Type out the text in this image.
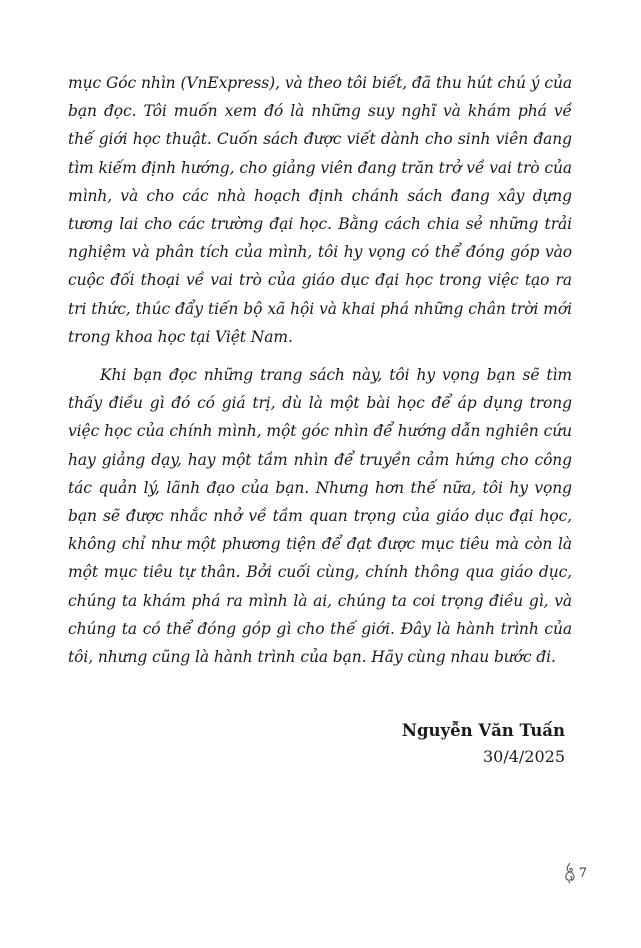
mục Góc nhìn (VnExpress), và theo tôi biết, đã thu hút chú ý của bạn đọc. Tôi muốn xem đó là những suy nghĩ và khám phá về thế giới học thuật. Cuốn sách được viết dành cho sinh viên đang tìm kiếm định hướng, cho giảng viên đang trăn trở về vai trò của mình, và cho các nhà hoạch định chánh sách đang xây dựng tương lai cho các trường đại học. Bằng cách chia sẻ những trải nghiệm và phân tích của mình, tôi hy vọng có thể đóng góp vào cuộc đối thoại về vai trò của giáo dục đại học trong việc tạo ra tri thức, thúc đẩy tiến bộ xã hội và khai phá những chân trời mới trong khoa học tại Việt Nam.

Khi bạn đọc những trang sách này, tôi hy vọng bạn sẽ tìm thấy điều gì đó có giá trị, dù là một bài học để áp dụng trong việc học của chính mình, một góc nhìn để hướng dẫn nghiên cứu hay giảng dạy, hay một tầm nhìn để truyền cảm hứng cho công tác quản lý, lãnh đạo của bạn. Nhưng hơn thế nữa, tôi hy vọng bạn sẽ được nhắc nhở về tầm quan trọng của giáo dục đại học, không chỉ như một phương tiện để đạt được mục tiêu mà còn là một mục tiêu tự thân. Bởi cuối cùng, chính thông qua giáo dục, chúng ta khám phá ra mình là ai, chúng ta coi trọng điều gì, và chúng ta có thể đóng góp gì cho thế giới. Đây là hành trình của tôi, nhưng cũng là hành trình của bạn. Hãy cùng nhau bước đi.

Nguyễn Văn Tuấn
30/4/2025
7
